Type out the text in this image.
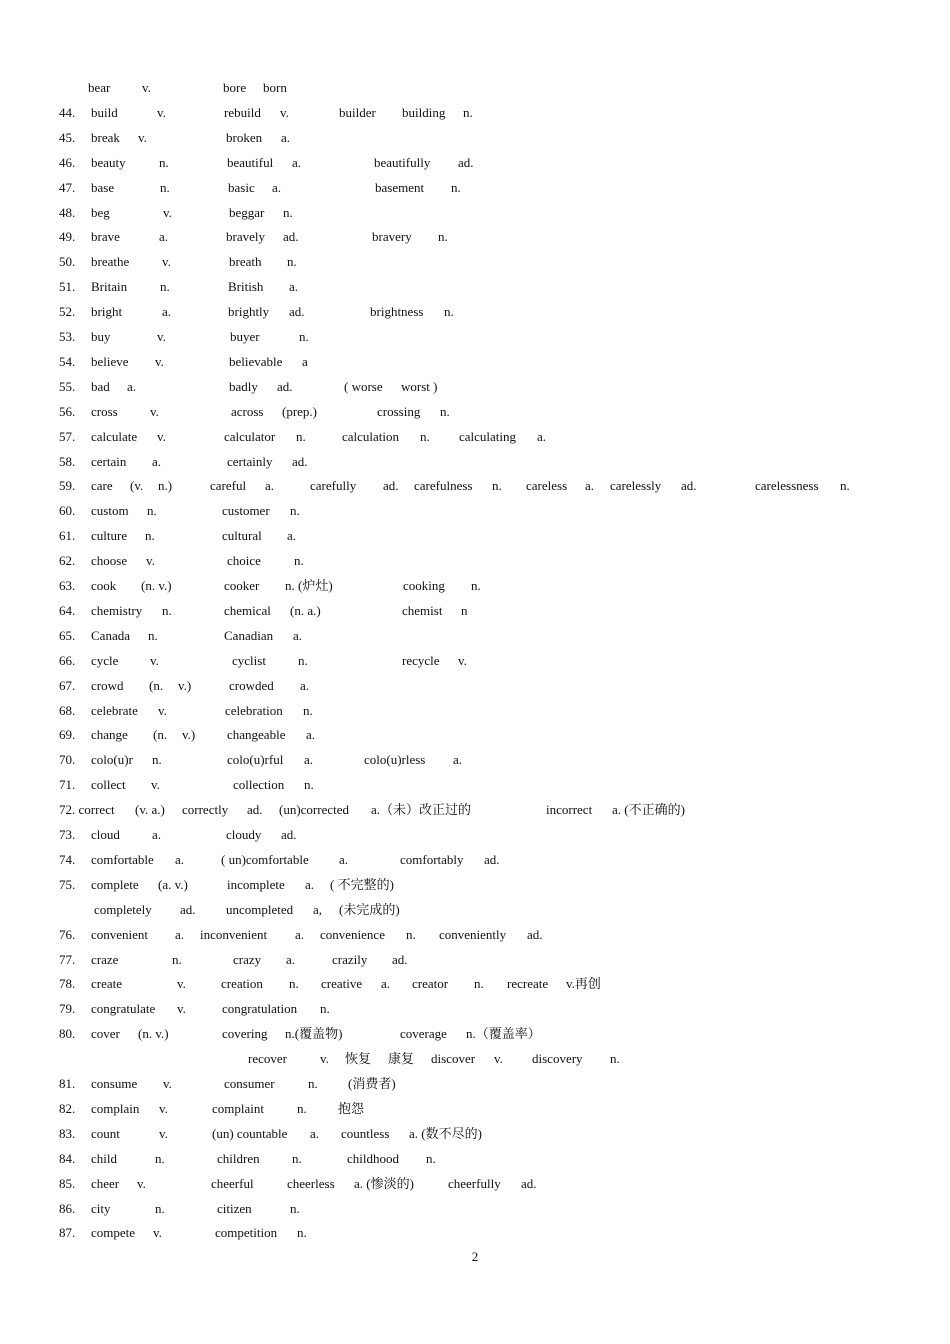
bear v.	bore born
44. build	v.	rebuild v.	builder building n.
45. break v.	broken a.
46. beauty	n.	beautiful a.	beautifully ad.
47. base	n.	basic a.	basement n.
48. beg	v.	beggar n.
49. brave	a.	bravely ad.	bravery n.
50. breathe	v.	breath n.
51. Britain	n.	British a.
52. bright	a.	brightly ad.	brightness n.
53. buy	v.	buyer	n.
54. believe v.	believable a
55. bad a.	badly ad.	( worse worst )
56. cross v.	across (prep.)	crossing n.
57. calculate v.	calculator n.	calculation n. calculating a.
58. certain a.	certainly ad.
59. care (v. n.)	careful a.	carefully ad. carefulness n. careless a. carelessly ad.	carelessness n.
60. custom n.	customer n.
61. culture n.	cultural a.
62. choose v.	choice	n.
63. cook (n. v.)	cooker n. (炉灶)	cooking n.
64. chemistry n.	chemical (n. a.)	chemist n
65. Canada n.	Canadian a.
66. cycle v.	cyclist n.	recycle v.
67. crowd (n. v.)	crowded a.
68. celebrate v.	celebration n.
69. change (n. v.) changeable a.
70. colo(u)r n.	colo(u)rful a.	colo(u)rless a.
71. collect v.	collection n.
72. correct (v. a.) correctly ad. (un)corrected a.（未）改正过的	incorrect a. (不正确的)
73. cloud a.	cloudy ad.
74. comfortable a.	( un)comfortable a.	comfortably ad.
75. complete (a. v.)	incomplete a. ( 不完整的)
completely ad. uncompleted a, (未完成的)
76. convenient a. inconvenient a. convenience n. conveniently ad.
77. craze	n.	crazy a.	crazily ad.
78. create	v.	creation n. creative a. creator n. recreate v.再创
79. congratulate v.	congratulation n.
80. cover (n. v.)	covering n.(覆盖物)	coverage n.（覆盖率）
recover	v. 恢复 康复 discover v. discovery n.
81. consume v.	consumer	n. (消费者)
82. complain v.	complaint	n. 抱怨
83. count	v.	(un) countable a. countless a. (数不尽的)
84. child	n.	children n.	childhood n.
85. cheer v.	cheerful	cheerless a. (惨淡的)	cheerfully ad.
86. city	n.	citizen	n.
87. compete v.	competition n.
2
